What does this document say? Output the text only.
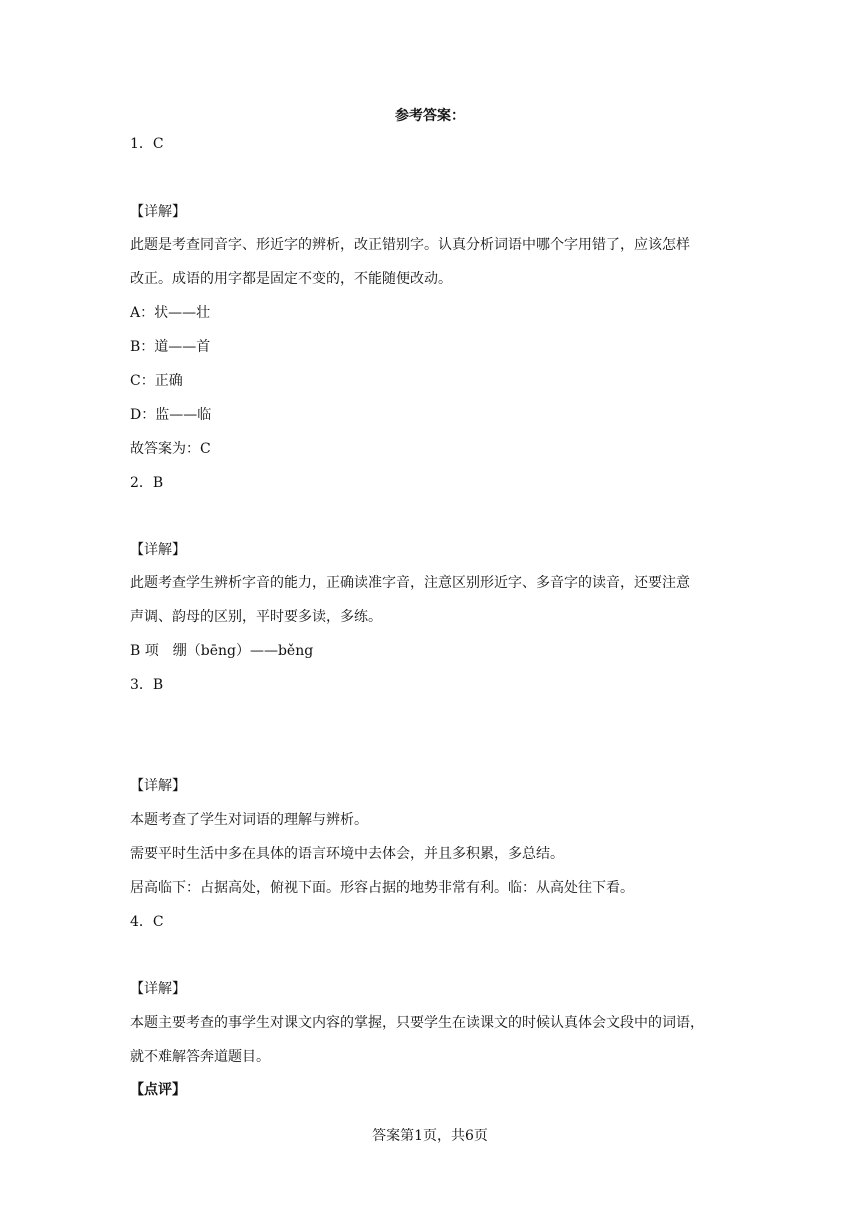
参考答案：
1．C
【详解】
此题是考查同音字、形近字的辨析，改正错别字。认真分析词语中哪个字用错了，应该怎样
改正。成语的用字都是固定不变的，不能随便改动。
A：状——壮
B：道——首
C：正确
D：监——临
故答案为：C
2．B
【详解】
此题考查学生辨析字音的能力，正确读准字音，注意区别形近字、多音字的读音，还要注意
声调、韵母的区别，平时要多读，多练。
B 项　绷（bēng）——běng
3．B
【详解】
本题考查了学生对词语的理解与辨析。
需要平时生活中多在具体的语言环境中去体会，并且多积累，多总结。
居高临下：占据高处，俯视下面。形容占据的地势非常有利。临：从高处往下看。
4．C
【详解】
本题主要考查的事学生对课文内容的掌握，只要学生在读课文的时候认真体会文段中的词语，
就不难解答奔道题目。
【点评】
答案第1页，共6页
